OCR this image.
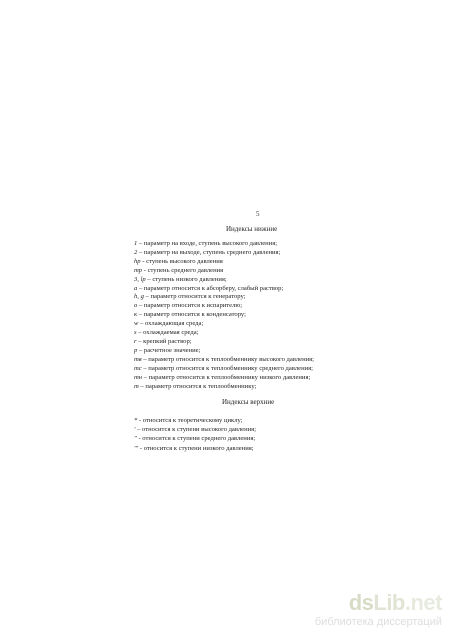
5
Индексы нижние
1 – параметр на входе, ступень высокого давления;
2 – параметр на выходе, ступень среднего давления;
hp - ступень высокого давления
mp - ступень среднего давления
3, lp – ступень низкого давления;
a – параметр относится к абсорберу, слабый раствор;
h, g – параметр относится к генератору;
o – параметр относится к испарителю;
к – параметр относится к конденсатору;
w – охлаждающая среда;
s – охлаждаемая среда;
r – крепкий раствор;
p – расчетное значение;
тв – параметр относится к теплообменнику высокого давления;
тс – параметр относится к теплообменнику среднего давления;
тн – параметр относится к теплообменнику низкого давления;
т – параметр относится к теплообменнику;
Индексы верхние
* - относится к теоретическому циклу;
' – относится к ступени высокого давления;
" - относится к ступени среднего давления;
'" - относится к ступени низкого давления;
dsLib.net
библиотека диссертаций
